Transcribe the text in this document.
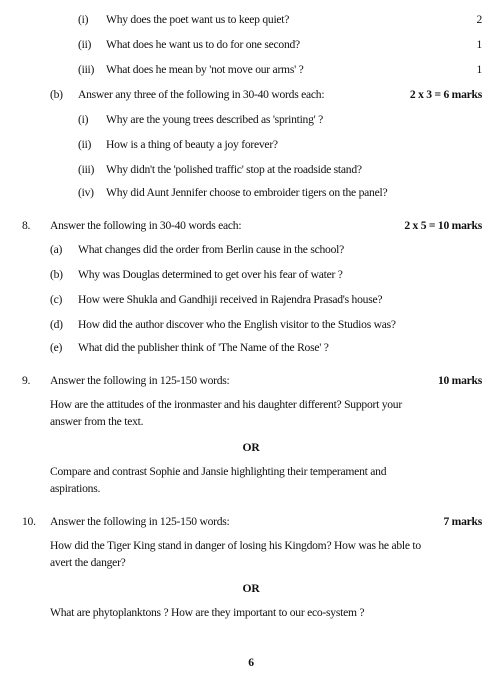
(i) Why does the poet want us to keep quiet?	2
(ii) What does he want us to do for one second?	1
(iii) What does he mean by 'not move our arms' ?	1
(b) Answer any three of the following in 30-40 words each:	2 x 3 = 6 marks
(i) Why are the young trees described as 'sprinting' ?
(ii) How is a thing of beauty a joy forever?
(iii) Why didn't the 'polished traffic' stop at the roadside stand?
(iv) Why did Aunt Jennifer choose to embroider tigers on the panel?
8. Answer the following in 30-40 words each:	2 x 5 = 10 marks
(a) What changes did the order from Berlin cause in the school?
(b) Why was Douglas determined to get over his fear of water ?
(c) How were Shukla and Gandhiji received in Rajendra Prasad's house?
(d) How did the author discover who the English visitor to the Studios was?
(e) What did the publisher think of 'The Name of the Rose' ?
9. Answer the following in 125-150 words:	10 marks
How are the attitudes of the ironmaster and his daughter different? Support your
answer from the text.
OR
Compare and contrast Sophie and Jansie highlighting their temperament and
aspirations.
10. Answer the following in 125-150 words:	7 marks
How did the Tiger King stand in danger of losing his Kingdom? How was he able to
avert the danger?
OR
What are phytoplanktons ? How are they important to our eco-system ?
6
